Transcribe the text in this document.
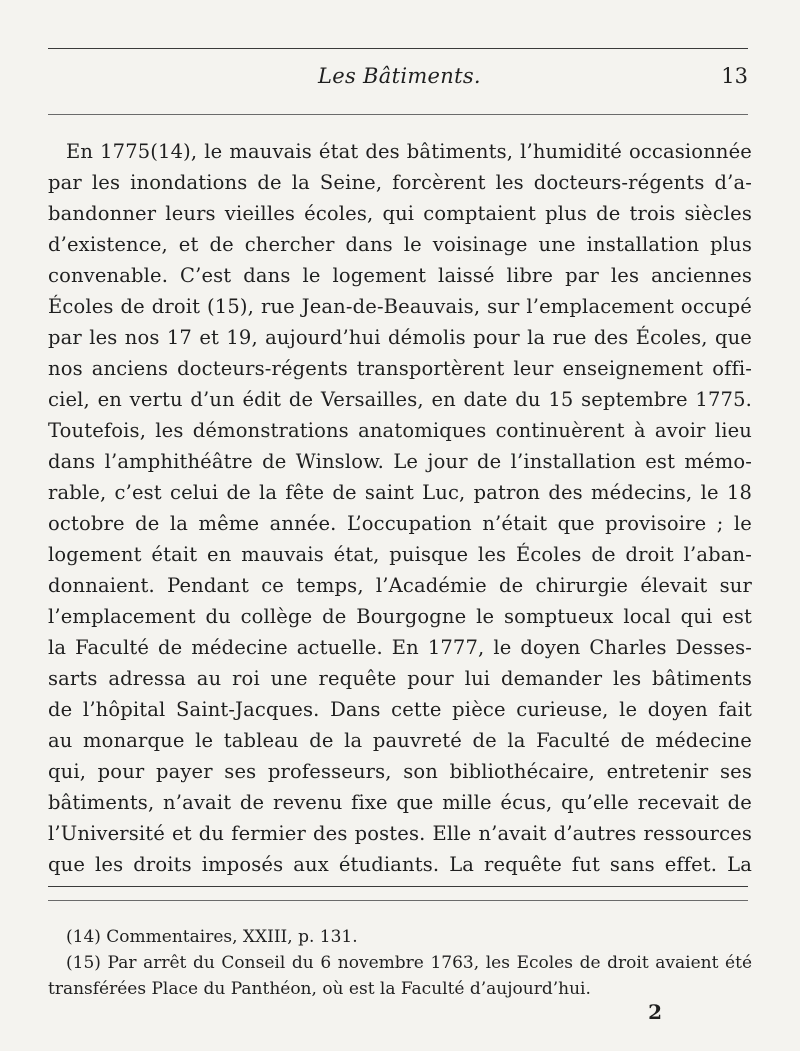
Les Bâtiments.	13
En 1775(14), le mauvais état des bâtiments, l’humidité occasionnée
par les inondations de la Seine, forcèrent les docteurs-régents d’a-
bandonner leurs vieilles écoles, qui comptaient plus de trois siècles
d’existence, et de chercher dans le voisinage une installation plus
convenable. C’est dans le logement laissé libre par les anciennes
Écoles de droit (15), rue Jean-de-Beauvais, sur l’emplacement occupé
par les nos 17 et 19, aujourd’hui démolis pour la rue des Écoles, que
nos anciens docteurs-régents transportèrent leur enseignement offi-
ciel, en vertu d’un édit de Versailles, en date du 15 septembre 1775.
Toutefois, les démonstrations anatomiques continuèrent à avoir lieu
dans l’amphithéâtre de Winslow. Le jour de l’installation est mémo-
rable, c’est celui de la fête de saint Luc, patron des médecins, le 18
octobre de la même année. L’occupation n’était que provisoire ; le
logement était en mauvais état, puisque les Écoles de droit l’aban-
donnaient. Pendant ce temps, l’Académie de chirurgie élevait sur
l’emplacement du collège de Bourgogne le somptueux local qui est
la Faculté de médecine actuelle. En 1777, le doyen Charles Desses-
sarts adressa au roi une requête pour lui demander les bâtiments
de l’hôpital Saint-Jacques. Dans cette pièce curieuse, le doyen fait
au monarque le tableau de la pauvreté de la Faculté de médecine
qui, pour payer ses professeurs, son bibliothécaire, entretenir ses
bâtiments, n’avait de revenu fixe que mille écus, qu’elle recevait de
l’Université et du fermier des postes. Elle n’avait d’autres ressources
que les droits imposés aux étudiants. La requête fut sans effet. La
(14) Commentaires, XXIII, p. 131.
(15) Par arrêt du Conseil du 6 novembre 1763, les Ecoles de droit avaient été
transférées Place du Panthéon, où est la Faculté d’aujourd’hui.
2
